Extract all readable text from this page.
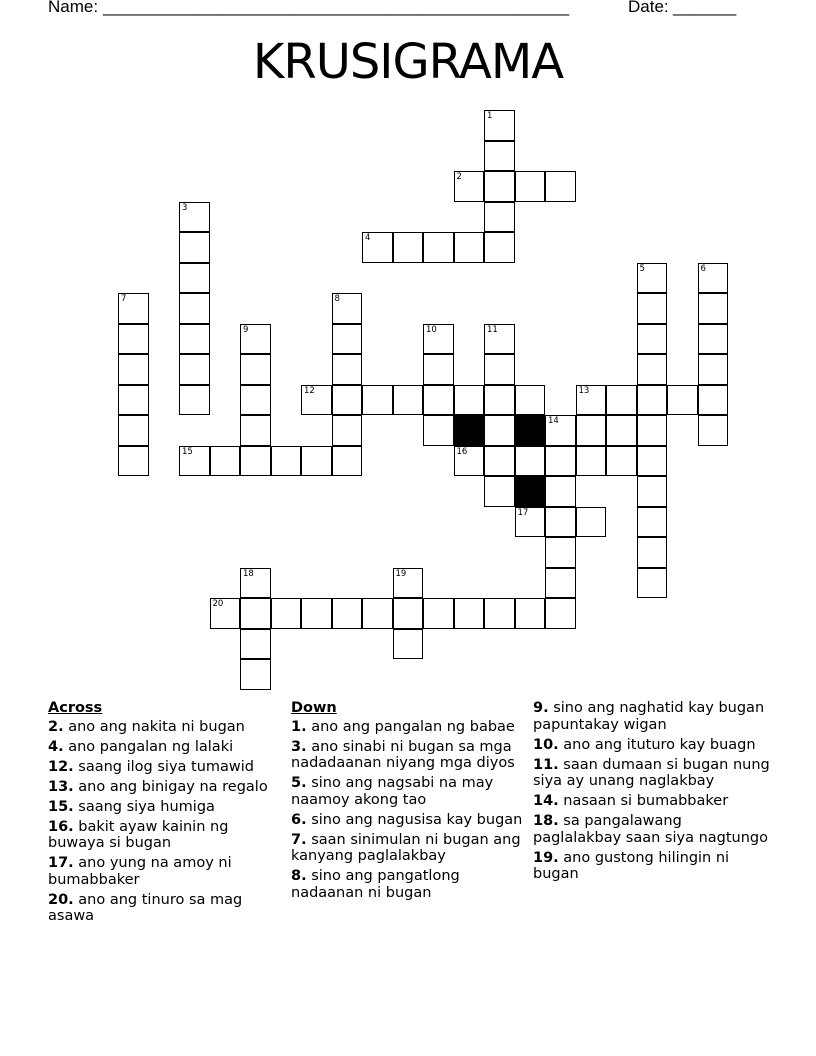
Name: ____________________________________________________	Date: _______
KRUSIGRAMA
1
2
3
4
5	6
7	8
9	10	11
12	13
14
15	16
17
18	19
20
Across
2. ano ang nakita ni bugan
4. ano pangalan ng lalaki
12. saang ilog siya tumawid
13. ano ang binigay na regalo
15. saang siya humiga
16. bakit ayaw kainin ng buwaya si bugan
17. ano yung na amoy ni bumabbaker
20. ano ang tinuro sa mag asawa
Down
1. ano ang pangalan ng babae
3. ano sinabi ni bugan sa mga nadadaanan niyang mga diyos
5. sino ang nagsabi na may naamoy akong tao
6. sino ang nagusisa kay bugan
7. saan sinimulan ni bugan ang kanyang paglalakbay
8. sino ang pangatlong nadaanan ni bugan
9. sino ang naghatid kay bugan papuntakay wigan
10. ano ang ituturo kay buagn
11. saan dumaan si bugan nung siya ay unang naglakbay
14. nasaan si bumabbaker
18. sa pangalawang paglalakbay saan siya nagtungo
19. ano gustong hilingin ni bugan
